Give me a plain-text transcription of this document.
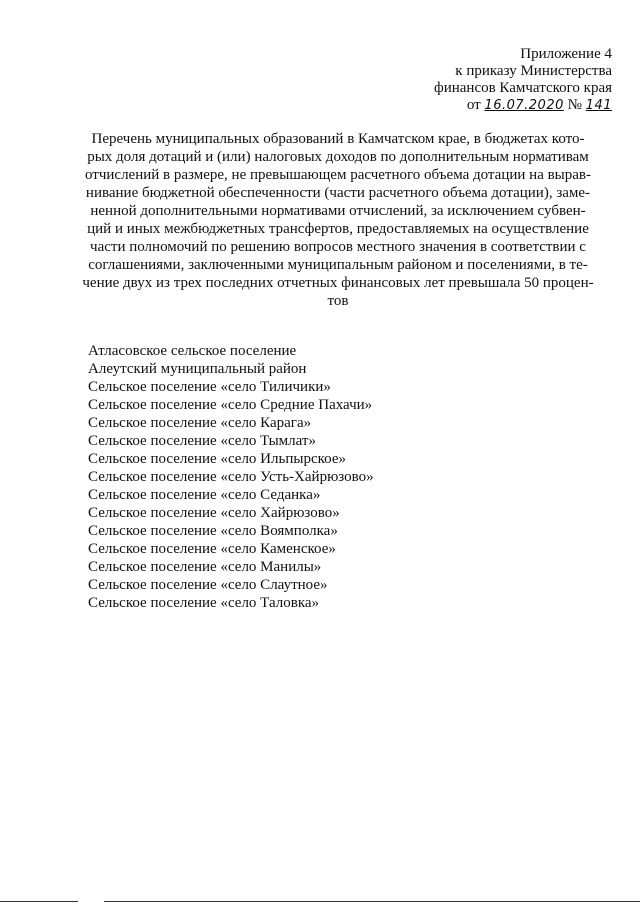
Приложение 4
к приказу Министерства
финансов Камчатского края
от 16.07.2020 № 141

Перечень муниципальных образований в Камчатском крае, в бюджетах кото-
рых доля дотаций и (или) налоговых доходов по дополнительным нормативам
отчислений в размере, не превышающем расчетного объема дотации на вырав-
нивание бюджетной обеспеченности (части расчетного объема дотации), заме-
ненной дополнительными нормативами отчислений, за исключением субвен-
ций и иных межбюджетных трансфертов, предоставляемых на осуществление
части полномочий по решению вопросов местного значения в соответствии с
соглашениями, заключенными муниципальным районом и поселениями, в те-
чение двух из трех последних отчетных финансовых лет превышала 50 процен-
тов

Атласовское сельское поселение
Алеутский муниципальный район
Сельское поселение «село Тиличики»
Сельское поселение «село Средние Пахачи»
Сельское поселение «село Карага»
Сельское поселение «село Тымлат»
Сельское поселение «село Ильпырское»
Сельское поселение «село Усть-Хайрюзово»
Сельское поселение «село Седанка»
Сельское поселение «село Хайрюзово»
Сельское поселение «село Воямполка»
Сельское поселение «село Каменское»
Сельское поселение «село Манилы»
Сельское поселение «село Слаутное»
Сельское поселение «село Таловка»
